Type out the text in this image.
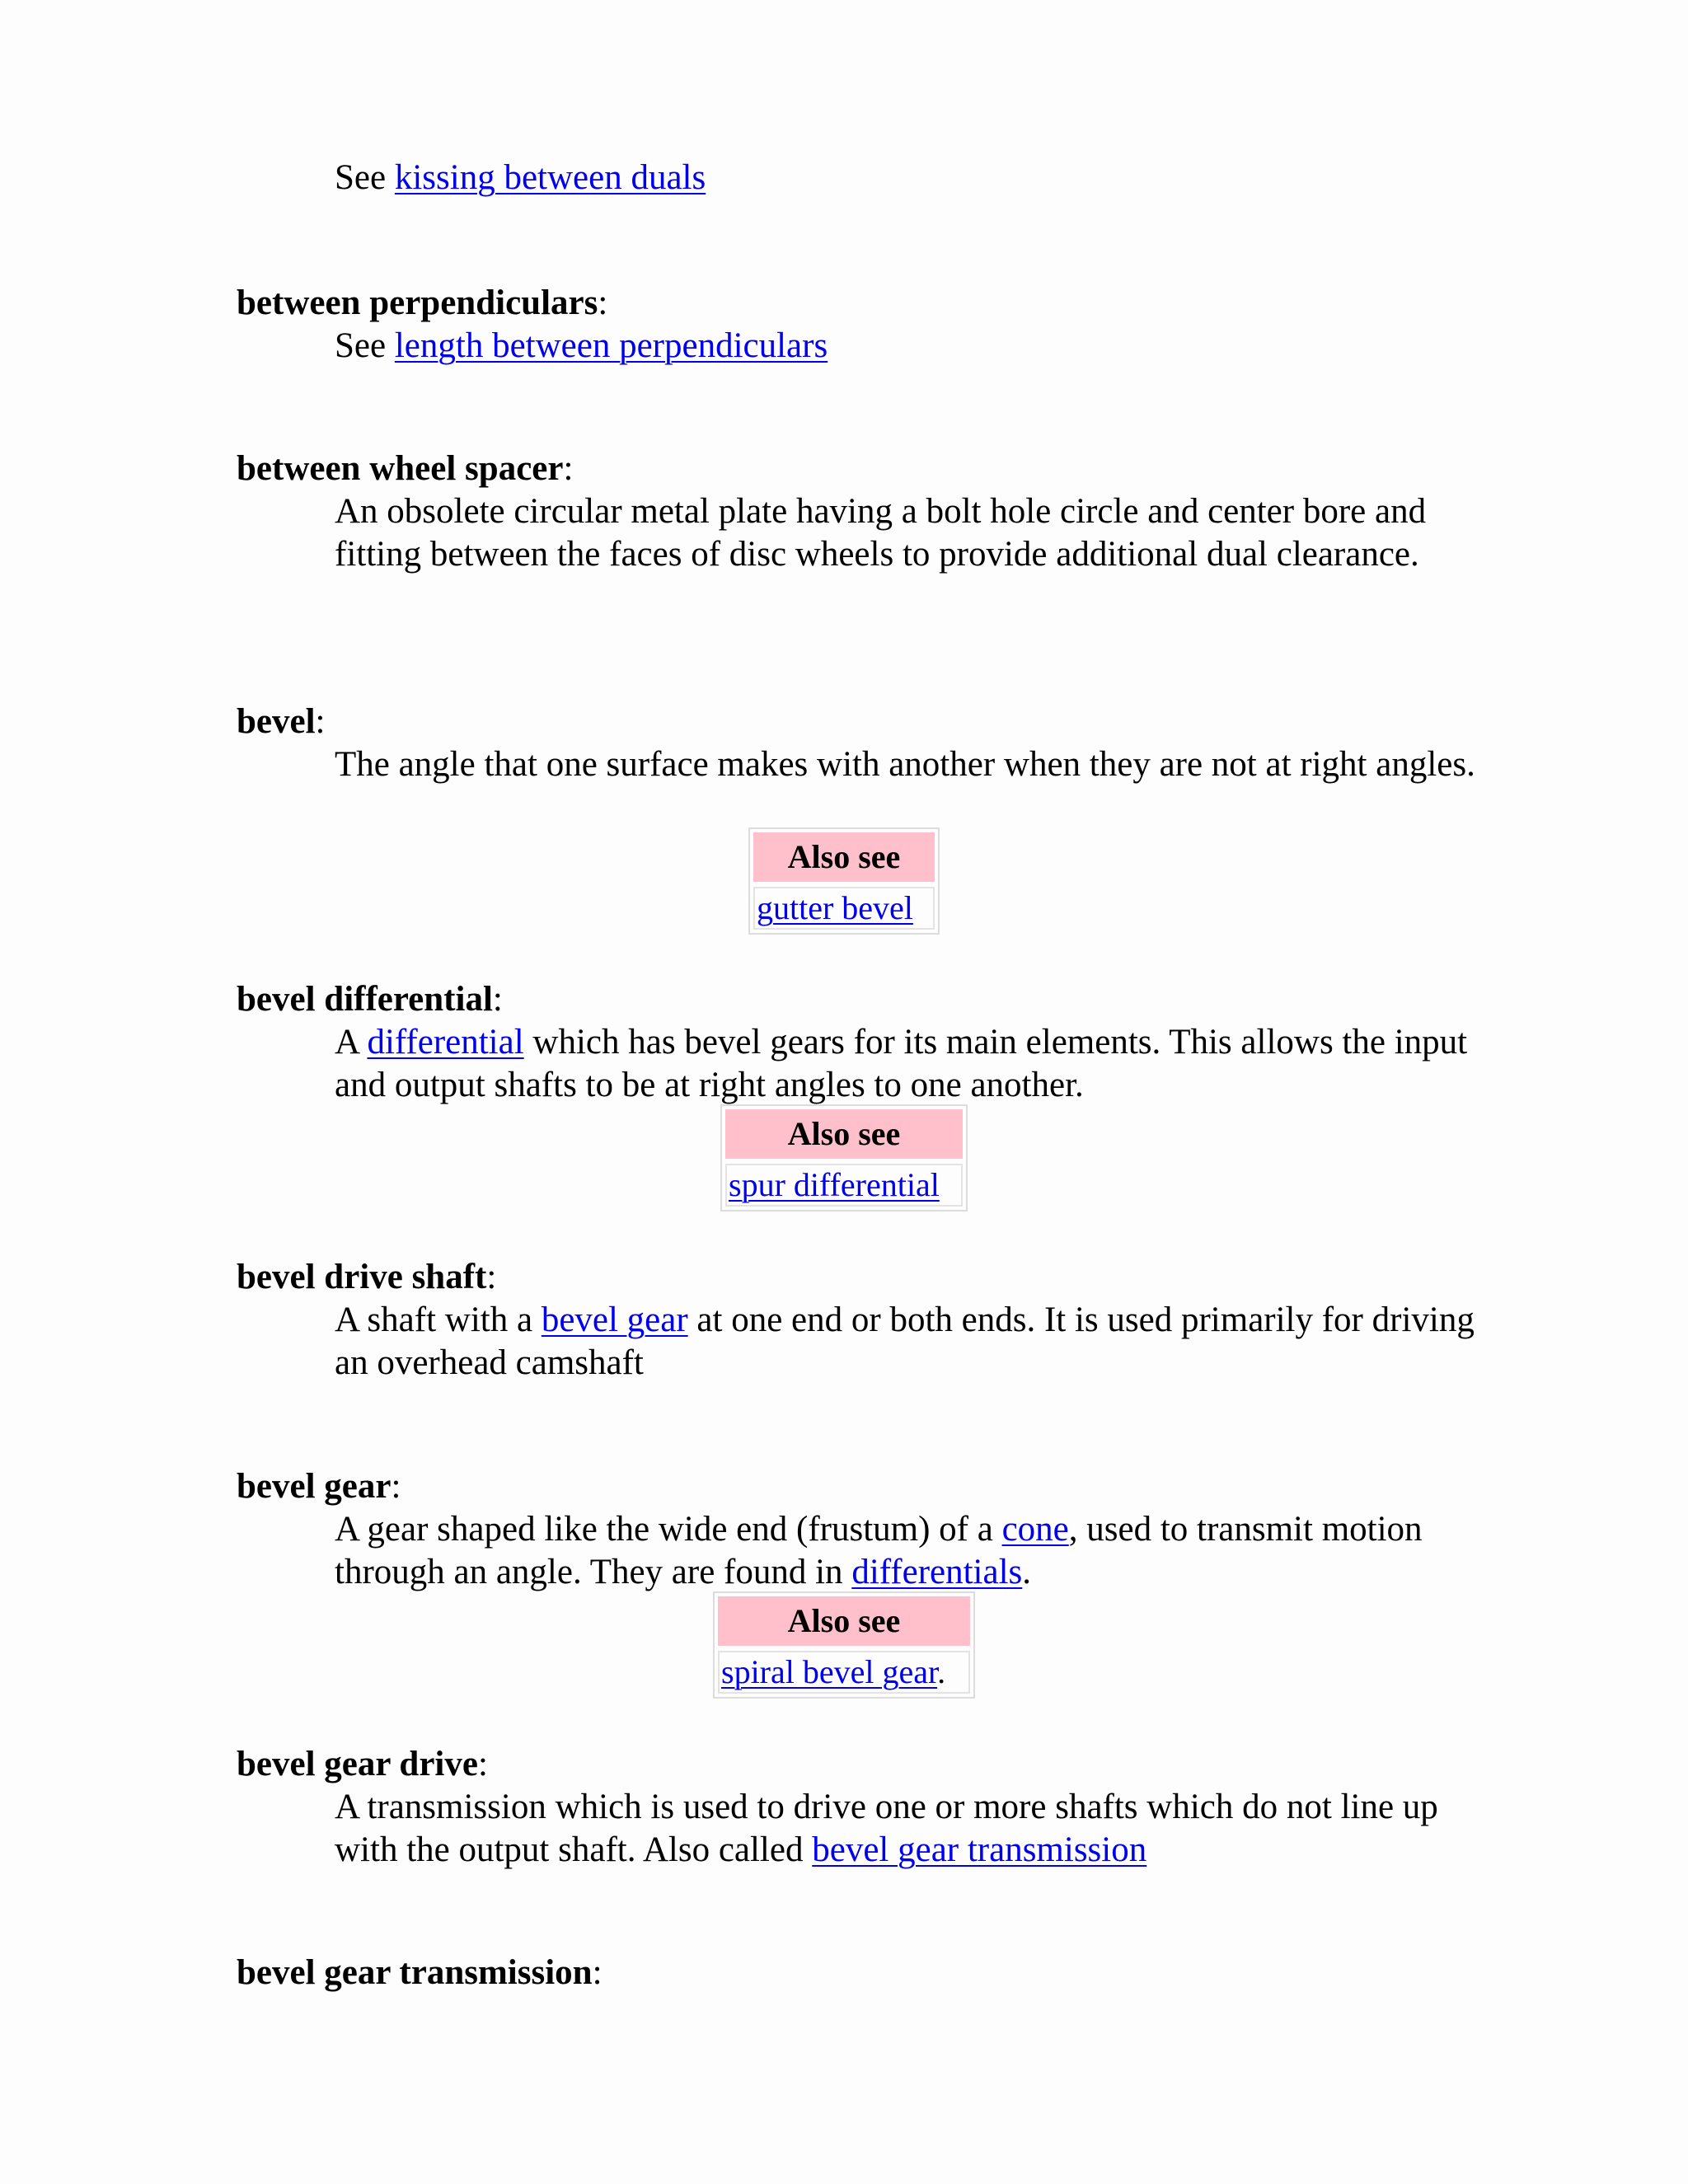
See kissing between duals
between perpendiculars:
See length between perpendiculars
between wheel spacer:
An obsolete circular metal plate having a bolt hole circle and center bore and fitting between the faces of disc wheels to provide additional dual clearance.
bevel:
The angle that one surface makes with another when they are not at right angles.
Also see
gutter bevel
bevel differential:
A differential which has bevel gears for its main elements. This allows the input and output shafts to be at right angles to one another.
Also see
spur differential
bevel drive shaft:
A shaft with a bevel gear at one end or both ends. It is used primarily for driving an overhead camshaft
bevel gear:
A gear shaped like the wide end (frustum) of a cone, used to transmit motion through an angle. They are found in differentials.
Also see
spiral bevel gear.
bevel gear drive:
A transmission which is used to drive one or more shafts which do not line up with the output shaft. Also called bevel gear transmission
bevel gear transmission:
